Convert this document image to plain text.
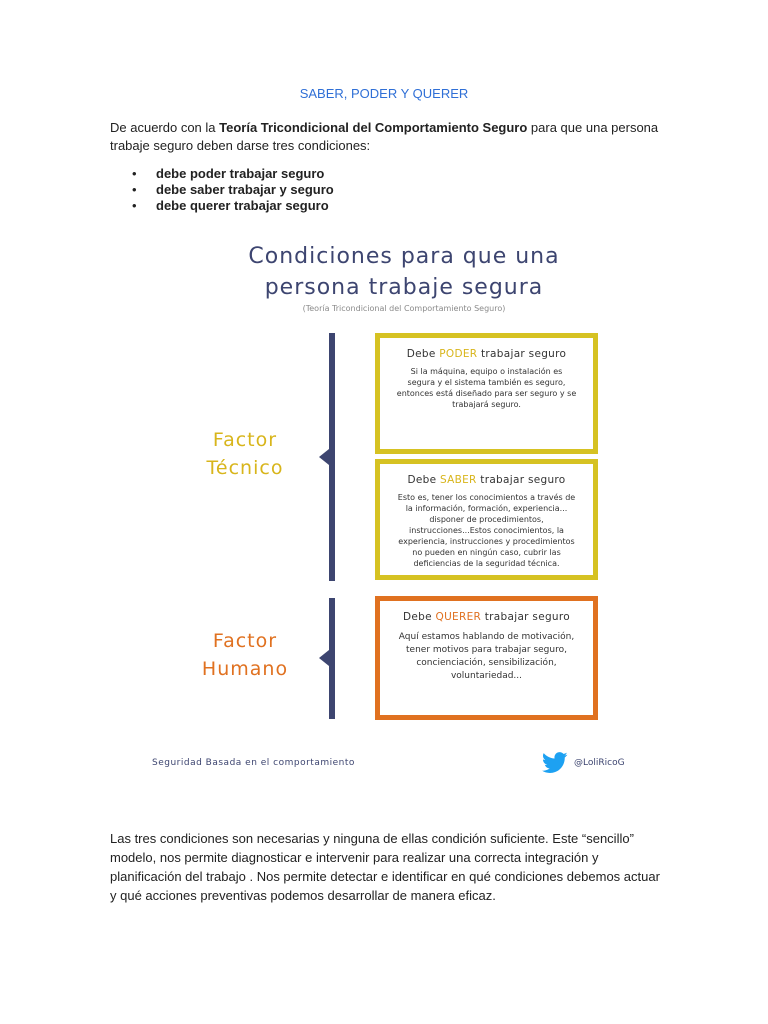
SABER, PODER Y QUERER

De acuerdo con la Teoría Tricondicional del Comportamiento Seguro para que una persona trabaje seguro deben darse tres condiciones:

• debe poder trabajar seguro
• debe saber trabajar y seguro
• debe querer trabajar seguro
Condiciones para que una
persona trabaje segura
(Teoría Tricondicional del Comportamiento Seguro)
Factor
Técnico
Factor
Humano
Debe PODER trabajar seguro
Si la máquina, equipo o instalación es segura y el sistema también es seguro, entonces está diseñado para ser seguro y se trabajará seguro.
Debe SABER trabajar seguro
Esto es, tener los conocimientos a través de la información, formación, experiencia... disponer de procedimientos, instrucciones...Estos conocimientos, la experiencia, instrucciones y procedimientos no pueden en ningún caso, cubrir las deficiencias de la seguridad técnica.
Debe QUERER trabajar seguro
Aquí estamos hablando de motivación, tener motivos para trabajar seguro, concienciación, sensibilización, voluntariedad...
Seguridad Basada en el comportamiento	@LoliRicoG

Las tres condiciones son necesarias y ninguna de ellas condición suficiente. Este “sencillo” modelo, nos permite diagnosticar e intervenir para realizar una correcta integración y planificación del trabajo . Nos permite detectar e identificar en qué condiciones debemos actuar y qué acciones preventivas podemos desarrollar de manera eficaz.
